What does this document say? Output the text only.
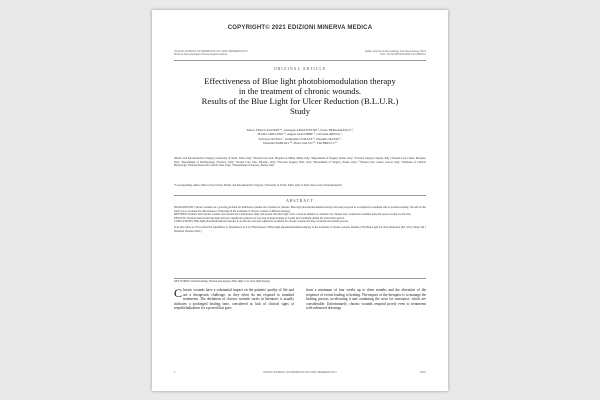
COPYRIGHT© 2021 EDIZIONI MINERVA MEDICA
ITALIAN JOURNAL OF DERMATOLOGY AND VENEREOLOGY
Minerva Dermatologica Venereologica Italiana
Italian Journal of Dermatology and Venereology 2021
DOI: 10.23736/S2784-8671.21.00000-0
ORIGINAL ARTICLE
Effectiveness of Blue light photobiomodulation therapy
in the treatment of chronic wounds.
Results of the Blue Light for Ulcer Reduction (B.L.U.R.) Study
Marco FRACCALVIERI ¹*, Giuseppe AMALFITANO ², Paolo BERGAMASCO ³,
Marina GRILLONE ⁴, Angela GIACOBBE ⁵, Giovanni ARENA ⁶,
Salvatore RUSSO ⁷, Annunziata NATALE ⁸, Massimo MASIN ⁹,
Valentina BARTOLI ¹⁰, Pietro SALVO ¹¹, Elia BRUCCI ¹²
¹Plastic and Reconstructive Surgery, University of Turin, Turin, Italy; ²Wound Care Unit, Hospital of Milan, Milan, Italy; ³Department of Surgery, Rome, Italy; ⁴Vascular Surgery, Naples, Italy; ⁵Wound Care Center, Bologna, Italy; ⁶Department of Dermatology, Florence, Italy; ⁷Wound Care Unit, Palermo, Italy; ⁸Vascular Surgery, Bari, Italy; ⁹Department of Surgery, Padua, Italy; ¹⁰Wound Care Center, Genoa, Italy; ¹¹Institute of Clinical Physiology, National Research Council, Pisa, Italy; ¹²Department of Surgery, Parma, Italy
*Corresponding author: Marco Fraccalvieri, Plastic and Reconstructive Surgery, University of Turin, Turin, Italy. E-mail: marco.fraccalvieri@email.it
ABSTRACT
BACKGROUND: Chronic wounds are a growing problem for healthcare systems and a burden for patients. Blue light photobiomodulation therapy has been proposed as an adjunctive treatment able to promote healing. The aim of this study was to evaluate the effectiveness of blue light in the treatment of chronic wounds of different etiology.
METHODS: Patients with chronic wounds were enrolled in a multicenter study and treated with blue light twice a week in addition to standard care. Wound area, wound bed condition and pain were recorded at each visit.
RESULTS: Wounds treated with blue light showed a significant reduction of area and an improvement of wound bed conditions during the observation period.
CONCLUSIONS: Blue light photobiomodulation therapy is an effective and safe adjunctive treatment for chronic wounds and may accelerate the healing process.
(Cite this article as: Fraccalvieri M, Amalfitano G, Bergamasco P, et al. Effectiveness of Blue light photobiomodulation therapy in the treatment of chronic wounds. Results of the Blue Light for Ulcer Reduction (B.L.U.R.) Study. Ital J Dermatol Venereol 2021.)
KEY WORDS: Wound healing; Wounds and injuries; Blue light; Low-level light therapy.
C hronic wounds have a substantial impact on the patients' quality of life and are a therapeutic challenge, as they often do not respond to standard treatments. The definition of chronic wounds varies in literature; it usually indicates a prolonged healing time, considered as lack of clinical signs of reepithelialization for a period that goes
from a minimum of four weeks up to three months and the alteration of the sequence of events leading to healing. The impact of the therapies is to manage the healing process accelerating it and containing the costs for assistance, which are considerable. Unfortunately, chronic wounds respond poorly even to treatments with advanced dressings
1	ITALIAN JOURNAL OF DERMATOLOGY AND VENEREOLOGY	2021
